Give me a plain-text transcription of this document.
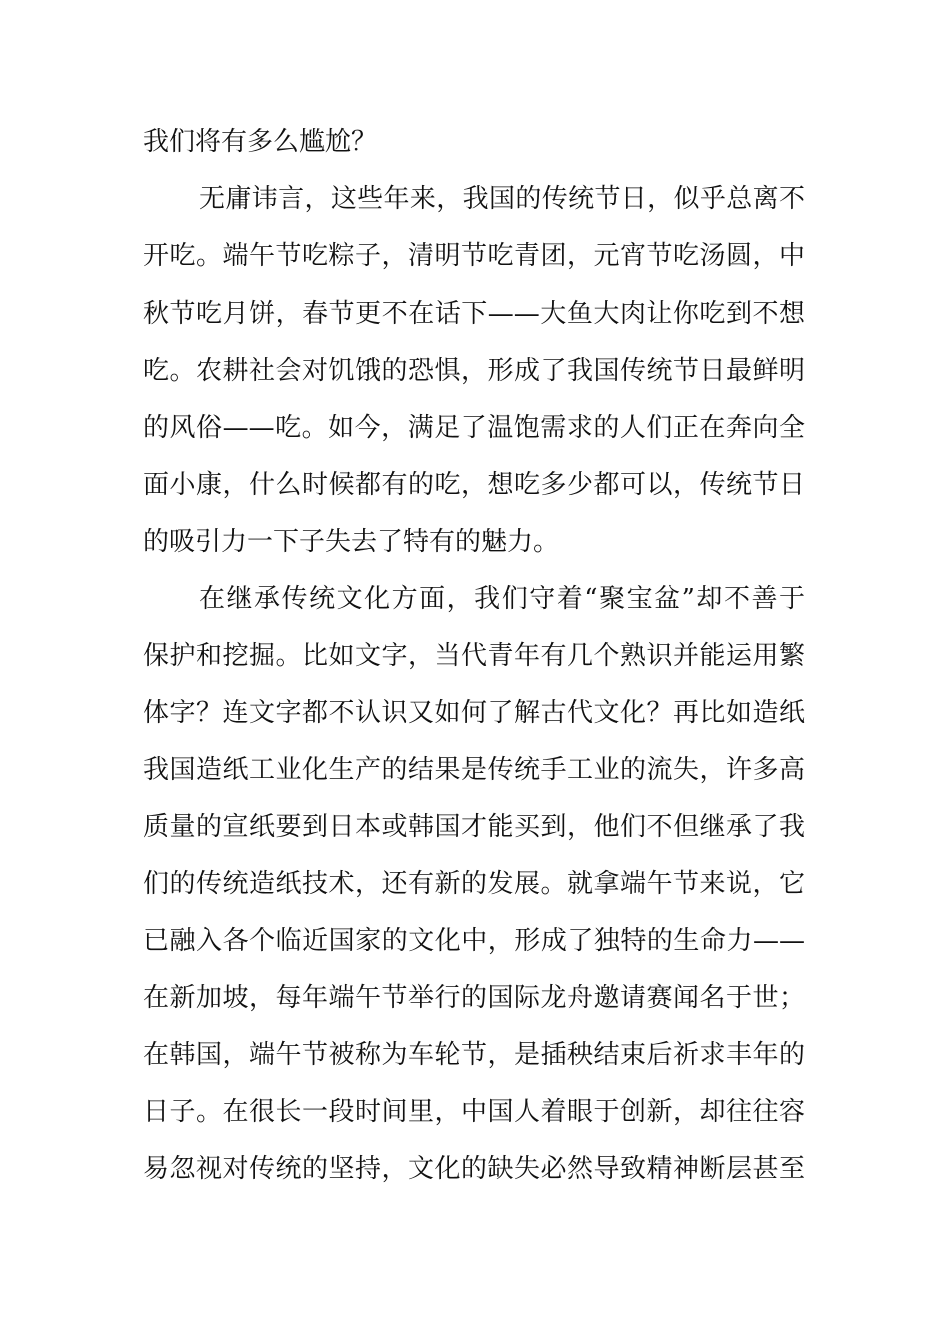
我们将有多么尴尬？
无庸讳言，这些年来，我国的传统节日，似乎总离不
开吃。端午节吃粽子，清明节吃青团，元宵节吃汤圆，中
秋节吃月饼，春节更不在话下——大鱼大肉让你吃到不想
吃。农耕社会对饥饿的恐惧，形成了我国传统节日最鲜明
的风俗——吃。如今，满足了温饱需求的人们正在奔向全
面小康，什么时候都有的吃，想吃多少都可以，传统节日
的吸引力一下子失去了特有的魅力。
在继承传统文化方面，我们守着“聚宝盆”却不善于
保护和挖掘。比如文字，当代青年有几个熟识并能运用繁
体字？连文字都不认识又如何了解古代文化？再比如造纸
我国造纸工业化生产的结果是传统手工业的流失，许多高
质量的宣纸要到日本或韩国才能买到，他们不但继承了我
们的传统造纸技术，还有新的发展。就拿端午节来说，它
已融入各个临近国家的文化中，形成了独特的生命力——
在新加坡，每年端午节举行的国际龙舟邀请赛闻名于世；
在韩国，端午节被称为车轮节，是插秧结束后祈求丰年的
日子。在很长一段时间里，中国人着眼于创新，却往往容
易忽视对传统的坚持，文化的缺失必然导致精神断层甚至
